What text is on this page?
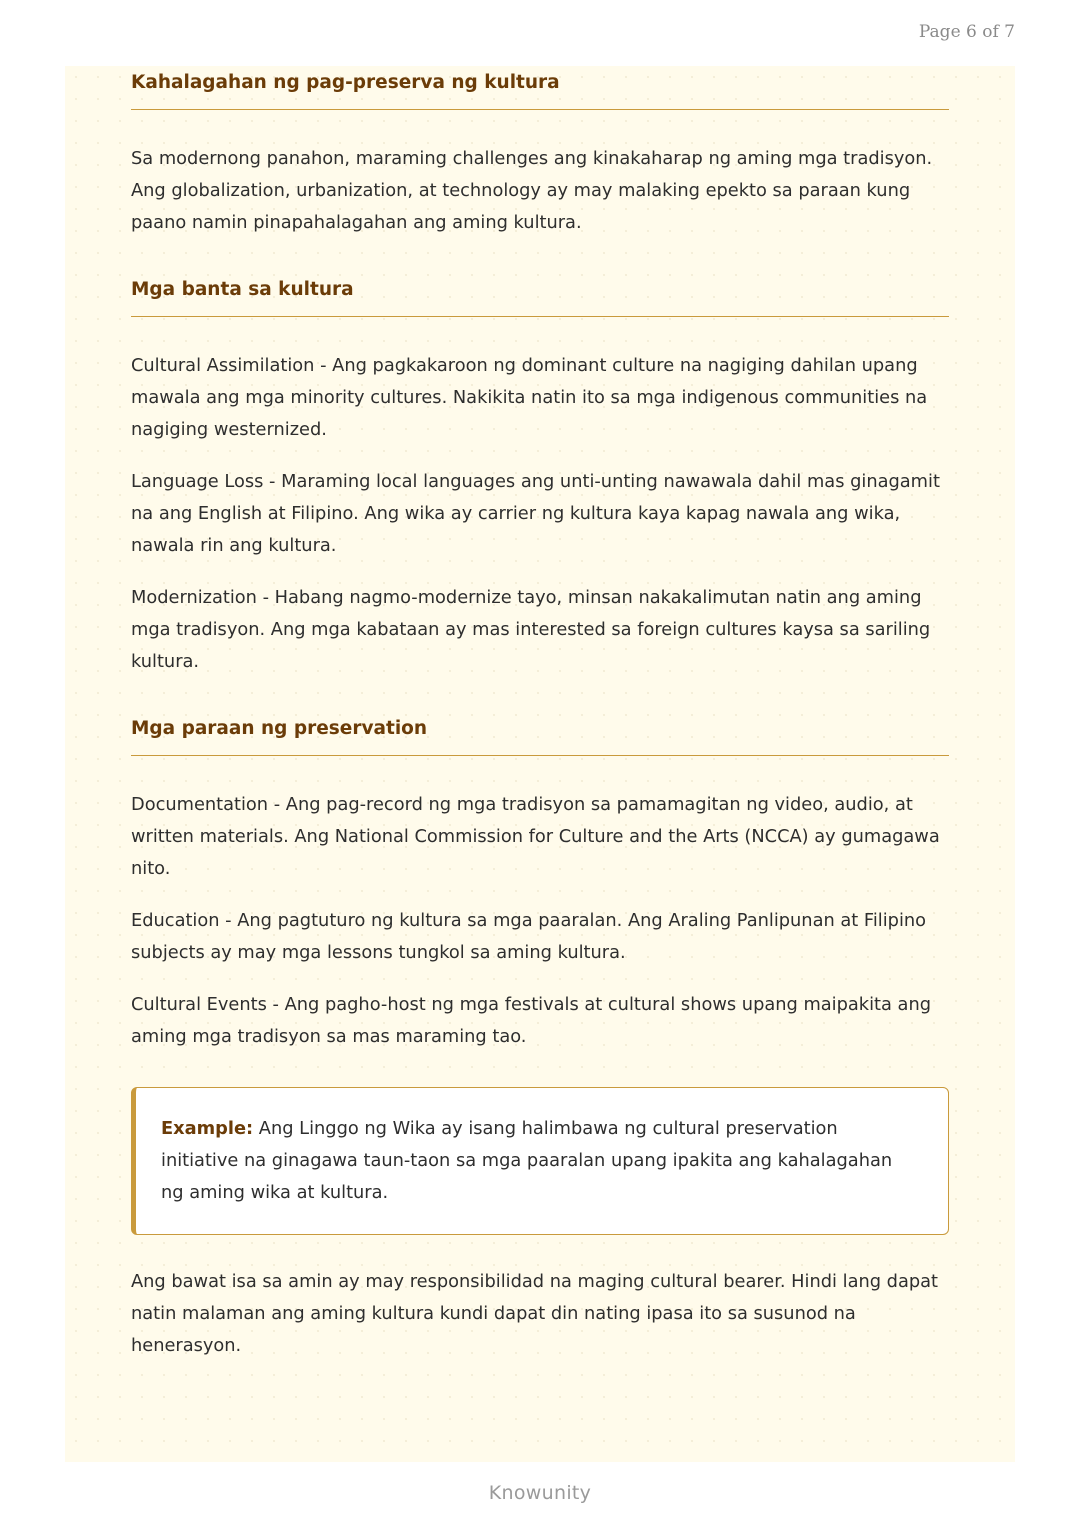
Page 6 of 7
Kahalagahan ng pag-preserva ng kultura

Sa modernong panahon, maraming challenges ang kinakaharap ng aming mga tradisyon. Ang globalization, urbanization, at technology ay may malaking epekto sa paraan kung paano namin pinapahalagahan ang aming kultura.

Mga banta sa kultura

Cultural Assimilation - Ang pagkakaroon ng dominant culture na nagiging dahilan upang mawala ang mga minority cultures. Nakikita natin ito sa mga indigenous communities na nagiging westernized.

Language Loss - Maraming local languages ang unti-unting nawawala dahil mas ginagamit na ang English at Filipino. Ang wika ay carrier ng kultura kaya kapag nawala ang wika, nawala rin ang kultura.

Modernization - Habang nagmo-modernize tayo, minsan nakakalimutan natin ang aming mga tradisyon. Ang mga kabataan ay mas interested sa foreign cultures kaysa sa sariling kultura.

Mga paraan ng preservation

Documentation - Ang pag-record ng mga tradisyon sa pamamagitan ng video, audio, at written materials. Ang National Commission for Culture and the Arts (NCCA) ay gumagawa nito.

Education - Ang pagtuturo ng kultura sa mga paaralan. Ang Araling Panlipunan at Filipino subjects ay may mga lessons tungkol sa aming kultura.

Cultural Events - Ang pagho-host ng mga festivals at cultural shows upang maipakita ang aming mga tradisyon sa mas maraming tao.

Example: Ang Linggo ng Wika ay isang halimbawa ng cultural preservation initiative na ginagawa taun-taon sa mga paaralan upang ipakita ang kahalagahan ng aming wika at kultura.

Ang bawat isa sa amin ay may responsibilidad na maging cultural bearer. Hindi lang dapat natin malaman ang aming kultura kundi dapat din nating ipasa ito sa susunod na henerasyon.

Knowunity
